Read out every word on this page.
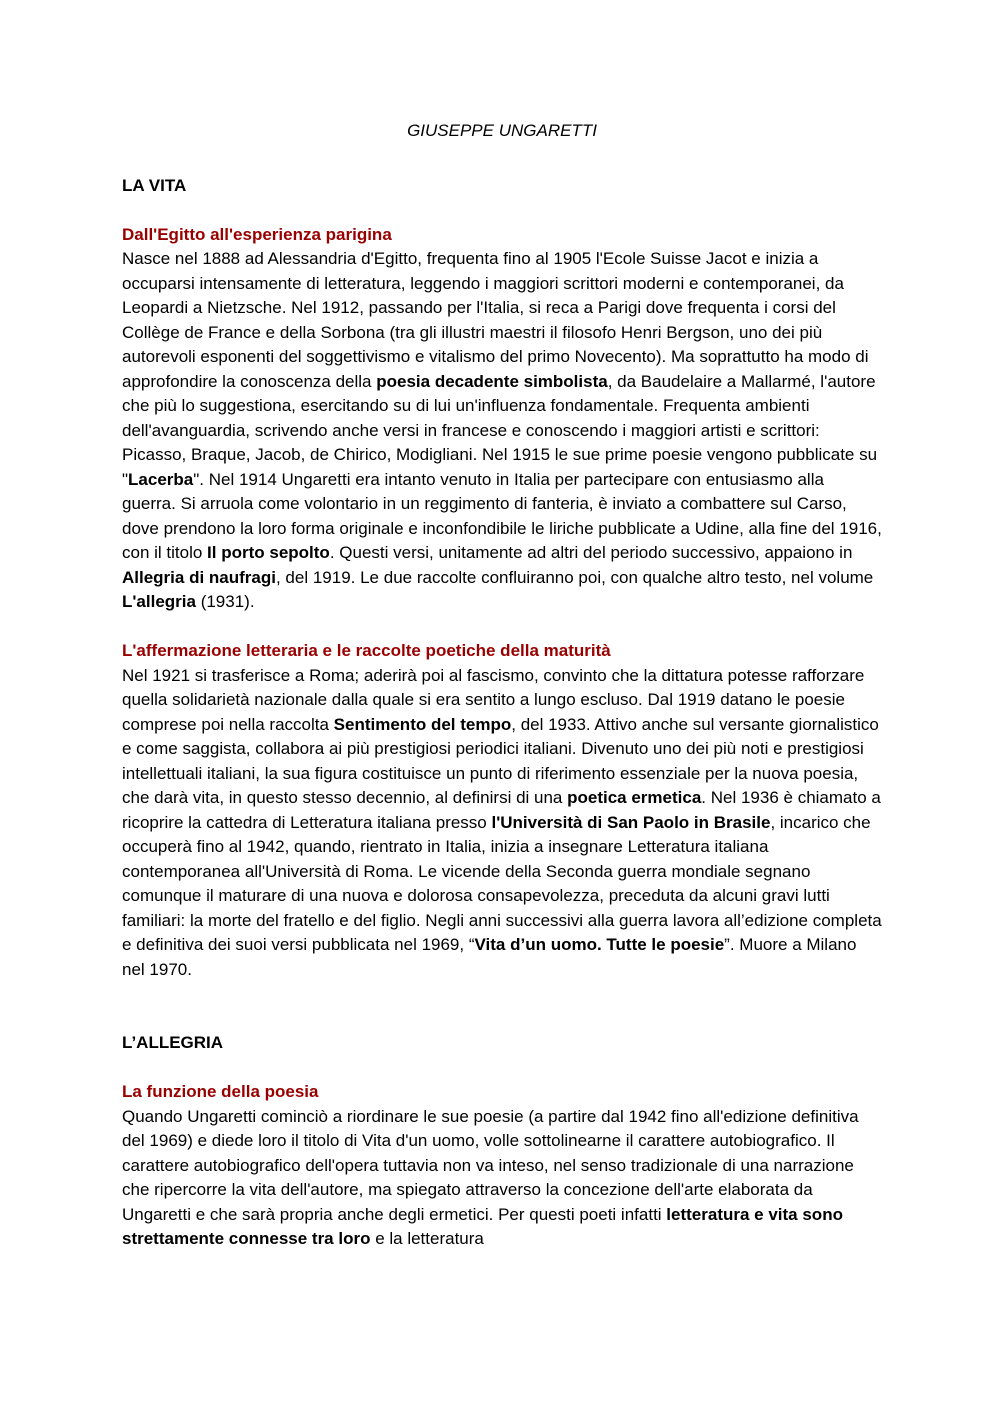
GIUSEPPE UNGARETTI
LA VITA
Dall'Egitto all'esperienza parigina

Nasce nel 1888 ad Alessandria d'Egitto, frequenta fino al 1905 l'Ecole Suisse Jacot e inizia a occuparsi intensamente di letteratura, leggendo i maggiori scrittori moderni e contemporanei, da Leopardi a Nietzsche. Nel 1912, passando per l'Italia, si reca a Parigi dove frequenta i corsi del Collège de France e della Sorbona (tra gli illustri maestri il filosofo Henri Bergson, uno dei più autorevoli esponenti del soggettivismo e vitalismo del primo Novecento). Ma soprattutto ha modo di approfondire la conoscenza della poesia decadente simbolista, da Baudelaire a Mallarmé, l'autore che più lo suggestiona, esercitando su di lui un'influenza fondamentale. Frequenta ambienti dell'avanguardia, scrivendo anche versi in francese e conoscendo i maggiori artisti e scrittori: Picasso, Braque, Jacob, de Chirico, Modigliani. Nel 1915 le sue prime poesie vengono pubblicate su "Lacerba". Nel 1914 Ungaretti era intanto venuto in Italia per partecipare con entusiasmo alla guerra. Si arruola come volontario in un reggimento di fanteria, è inviato a combattere sul Carso, dove prendono la loro forma originale e inconfondibile le liriche pubblicate a Udine, alla fine del 1916, con il titolo Il porto sepolto. Questi versi, unitamente ad altri del periodo successivo, appaiono in Allegria di naufragi, del 1919. Le due raccolte confluiranno poi, con qualche altro testo, nel volume L'allegria (1931).

L'affermazione letteraria e le raccolte poetiche della maturità

Nel 1921 si trasferisce a Roma; aderirà poi al fascismo, convinto che la dittatura potesse rafforzare quella solidarietà nazionale dalla quale si era sentito a lungo escluso. Dal 1919 datano le poesie comprese poi nella raccolta Sentimento del tempo, del 1933. Attivo anche sul versante giornalistico e come saggista, collabora ai più prestigiosi periodici italiani. Divenuto uno dei più noti e prestigiosi intellettuali italiani, la sua figura costituisce un punto di riferimento essenziale per la nuova poesia, che darà vita, in questo stesso decennio, al definirsi di una poetica ermetica. Nel 1936 è chiamato a ricoprire la cattedra di Letteratura italiana presso l'Università di San Paolo in Brasile, incarico che occuperà fino al 1942, quando, rientrato in Italia, inizia a insegnare Letteratura italiana contemporanea all'Università di Roma. Le vicende della Seconda guerra mondiale segnano comunque il maturare di una nuova e dolorosa consapevolezza, preceduta da alcuni gravi lutti familiari: la morte del fratello e del figlio. Negli anni successivi alla guerra lavora all’edizione completa e definitiva dei suoi versi pubblicata nel 1969, “Vita d’un uomo. Tutte le poesie”. Muore a Milano nel 1970.

L’ALLEGRIA
La funzione della poesia

Quando Ungaretti cominciò a riordinare le sue poesie (a partire dal 1942 fino all'edizione definitiva del 1969) e diede loro il titolo di Vita d'un uomo, volle sottolinearne il carattere autobiografico. Il carattere autobiografico dell'opera tuttavia non va inteso, nel senso tradizionale di una narrazione che ripercorre la vita dell'autore, ma spiegato attraverso la concezione dell'arte elaborata da Ungaretti e che sarà propria anche degli ermetici. Per questi poeti infatti letteratura e vita sono strettamente connesse tra loro e la letteratura
